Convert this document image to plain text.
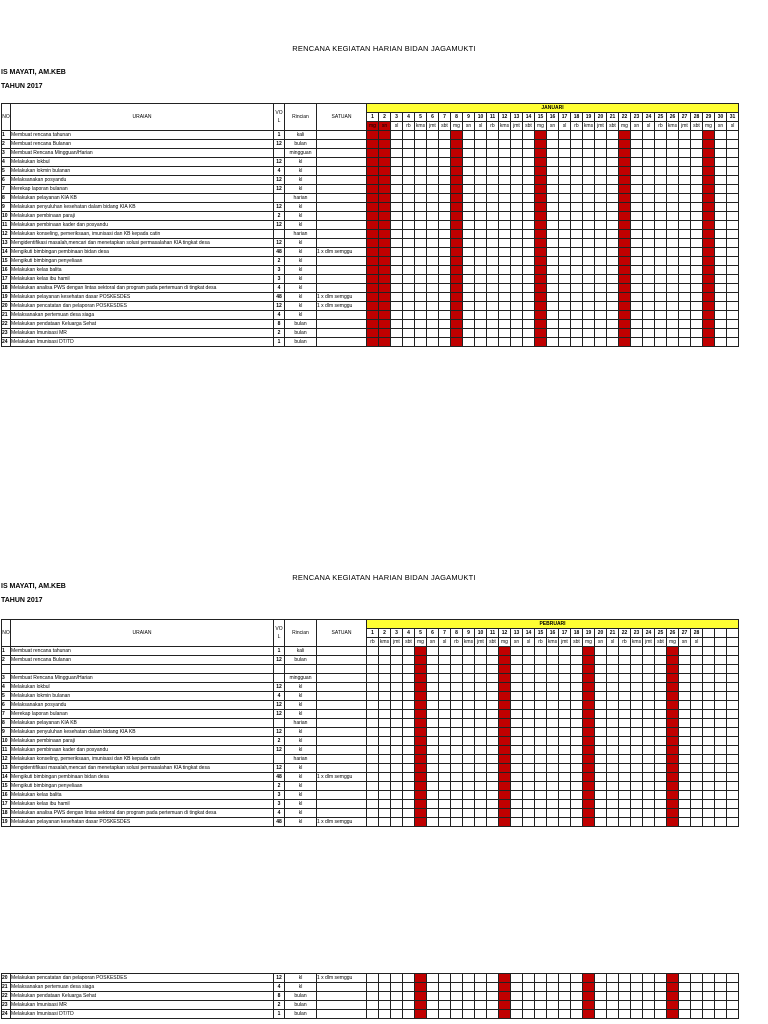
RENCANA KEGIATAN HARIAN BIDAN JAGAMUKTI
IS MAYATI, AM.KEB
TAHUN 2017
NO	URAIAN	VO L	Rincian	SATUAN	JANUARI																														
					1	2	3	4	5	6	7	8	9	10	11	12	13	14	15	16	17	18	19	20	21	22	23	24	25	26	27	28	29	30	31
					mg	sn	sl	rb	kms	jmt	sbt	mg	sn	sl	rb	kms	jmt	sbt	mg	sn	sl	rb	kms	jmt	sbt	mg	sn	sl	rb	kms	jmt	sbt	mg	sn	sl
1	Membuat rencana tahunan	1	kali																																
2	Membuat rencana Bulanan	12	bulan																																
3	Membuat Rencana Mingguan/Harian		mingguan																																
4	Melakukan lokbul	12	kl																																
5	Melakukan lokmin bulanan	4	kl																																
6	Melaksanakan posyandu	12	kl																																
7	Merekap laporan bulanan	12	kl																																
8	Melakukan pelayanan KIA KB		harian																																
9	Melakukan penyuluhan kesehatan dalam bidang KIA KB	12	kl																																
10	Melakukan pembinaan paraji	2	kl																																
11	Melakukan pembinaan kader dan posyandu	12	kl																																
12	Melakukan konseling, pemeriksaan, imunisasi dan KB kepada catin		harian																																
13	Mengidentifikasi masalah,mencari dan menetapkan solusi permasalahan KIA tingkat desa	12	kl																																
14	Mengikuti bimbingan pembinaan bidan desa	48	kl	1 x dlm semggu																															
15	Mengikuti bimbingan penyeliaan	2	kl																																
16	Melakukan kelas balita	3	kl																																
17	Melakukan kelas ibu hamil	3	kl																																
18	Melakukan analisa PWS dengan lintas sektoral dan program pada pertemuan di tingkat desa	4	kl																																
19	Melakukan pelayanan kesehatan dasar POSKESDES	48	kl	1 x dlm semggu																															
20	Melakukan pencatatan dan pelaporan POSKESDES	12	kl	1 x dlm semggu																															
21	Melaksanakan pertemuan desa siaga	4	kl																																
22	Melakukan pendataan Keluarga Sehat	8	bulan																																
23	Melakukan Imunisasi MR	2	bulan																																
24	Melakukan Imunisasi DT/TD	1	bulan																																
RENCANA KEGIATAN HARIAN BIDAN JAGAMUKTI
IS MAYATI, AM.KEB
TAHUN 2017
NO	URAIAN	VO L	Rincian	SATUAN	PEBRUARI																														
					1	2	3	4	5	6	7	8	9	10	11	12	13	14	15	16	17	18	19	20	21	22	23	24	25	26	27	28			
					rb	kms	jmt	sbt	mg	sn	sl	rb	kms	jmt	sbt	mg	sn	sl	rb	kms	jmt	sbt	mg	sn	sl	rb	kms	jmt	sbt	mg	sn	sl			
1	Membuat rencana tahunan	1	kali																																
2	Membuat rencana Bulanan	12	bulan																																

3	Membuat Rencana Mingguan/Harian		mingguan																																
4	Melakukan lokbul	12	kl																																
5	Melakukan lokmin bulanan	4	kl																																
6	Melaksanakan posyandu	12	kl																																
7	Merekap laporan bulanan	12	kl																																
8	Melakukan pelayanan KIA KB		harian																																
9	Melakukan penyuluhan kesehatan dalam bidang KIA KB	12	kl																																
10	Melakukan pembinaan paraji	2	kl																																
11	Melakukan pembinaan kader dan posyandu	12	kl																																
12	Melakukan konseling, pemeriksaan, imunisasi dan KB kepada catin		harian																																
13	Mengidentifikasi masalah,mencari dan menetapkan solusi permasalahan KIA tingkat desa	12	kl																																
14	Mengikuti bimbingan pembinaan bidan desa	48	kl	1 x dlm semggu																															
15	Mengikuti bimbingan penyeliaan	2	kl																																
16	Melakukan kelas balita	3	kl																																
17	Melakukan kelas ibu hamil	3	kl																																
18	Melakukan analisa PWS dengan lintas sektoral dan program pada pertemuan di tingkat desa	4	kl																																
19	Melakukan pelayanan kesehatan dasar POSKESDES	48	kl	1 x dlm semggu																															
20	Melakukan pencatatan dan pelaporan POSKESDES	12	kl	1 x dlm semggu																															
21	Melaksanakan pertemuan desa siaga	4	kl																																
22	Melakukan pendataan Keluarga Sehat	8	bulan																																
23	Melakukan Imunisasi MR	2	bulan																																
24	Melakukan Imunisasi DT/TD	1	bulan																																
